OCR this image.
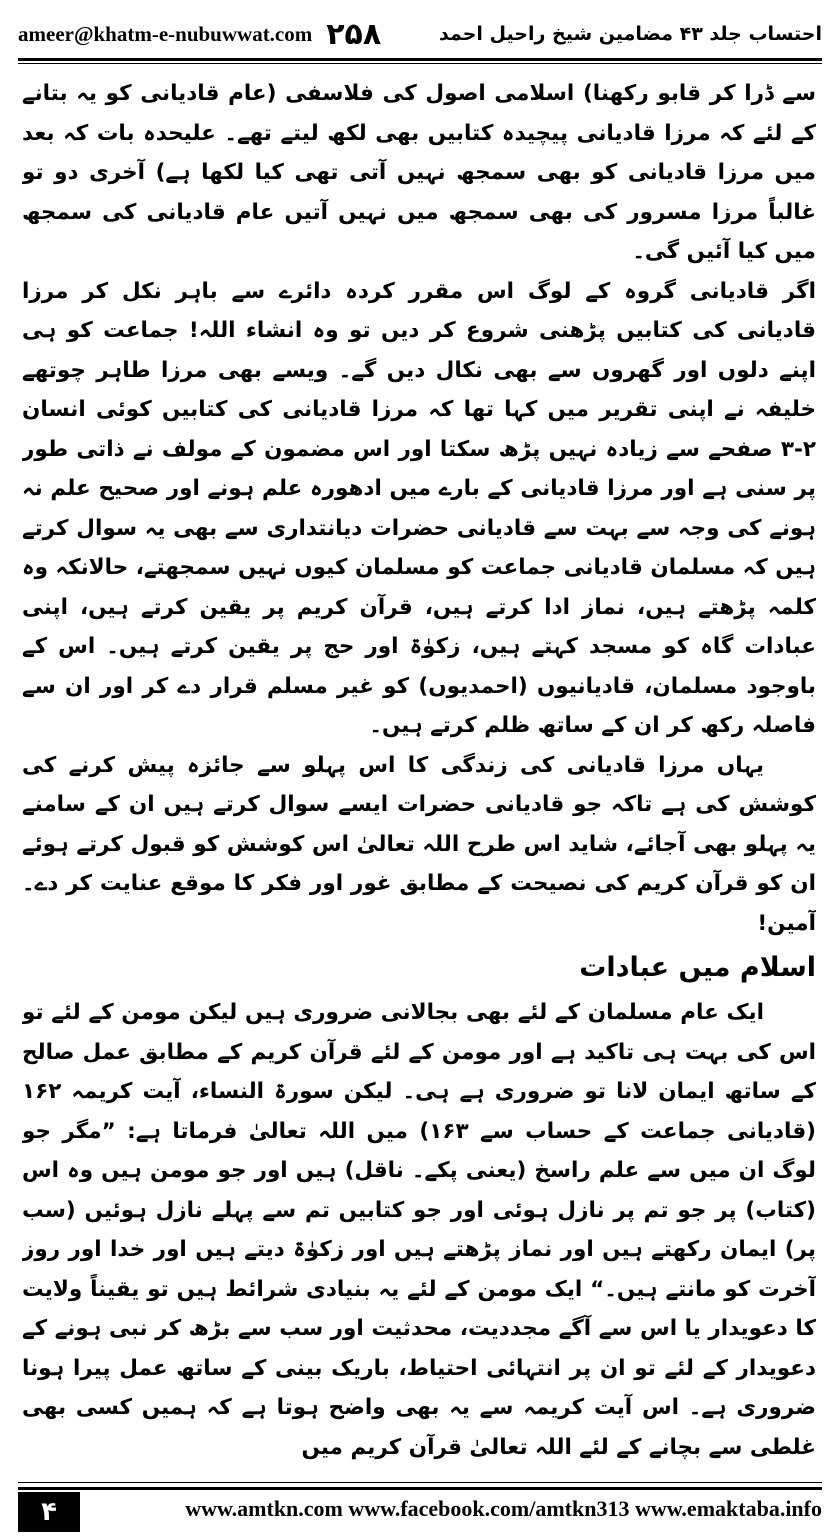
ameer@khatm-e-nubuwwat.com ۲۵۸	احتساب جلد ۴۳ مضامین شیخ راحیل احمد

سے ڈرا کر قابو رکھنا) اسلامی اصول کی فلاسفی (عام قادیانی کو یہ بتانے کے لئے کہ مرزا قادیانی پیچیدہ کتابیں بھی لکھ لیتے تھے۔ علیحدہ بات کہ بعد میں مرزا قادیانی کو بھی سمجھ نہیں آتی تھی کیا لکھا ہے) آخری دو تو غالباً مرزا مسرور کی بھی سمجھ میں نہیں آتیں عام قادیانی کی سمجھ میں کیا آئیں گی۔

اگر قادیانی گروہ کے لوگ اس مقرر کردہ دائرے سے باہر نکل کر مرزا قادیانی کی کتابیں پڑھنی شروع کر دیں تو وہ انشاء اللہ! جماعت کو ہی اپنے دلوں اور گھروں سے بھی نکال دیں گے۔ ویسے بھی مرزا طاہر چوتھے خلیفہ نے اپنی تقریر میں کہا تھا کہ مرزا قادیانی کی کتابیں کوئی انسان ۲-۳ صفحے سے زیادہ نہیں پڑھ سکتا اور اس مضمون کے مولف نے ذاتی طور پر سنی ہے اور مرزا قادیانی کے بارے میں ادھورہ علم ہونے اور صحیح علم نہ ہونے کی وجہ سے بہت سے قادیانی حضرات دیانتداری سے بھی یہ سوال کرتے ہیں کہ مسلمان قادیانی جماعت کو مسلمان کیوں نہیں سمجھتے، حالانکہ وہ کلمہ پڑھتے ہیں، نماز ادا کرتے ہیں، قرآن کریم پر یقین کرتے ہیں، اپنی عبادات گاہ کو مسجد کہتے ہیں، زکوٰۃ اور حج پر یقین کرتے ہیں۔ اس کے باوجود مسلمان، قادیانیوں (احمدیوں) کو غیر مسلم قرار دے کر اور ان سے فاصلہ رکھ کر ان کے ساتھ ظلم کرتے ہیں۔

یہاں مرزا قادیانی کی زندگی کا اس پہلو سے جائزہ پیش کرنے کی کوشش کی ہے تاکہ جو قادیانی حضرات ایسے سوال کرتے ہیں ان کے سامنے یہ پہلو بھی آجائے، شاید اس طرح اللہ تعالیٰ اس کوشش کو قبول کرتے ہوئے ان کو قرآن کریم کی نصیحت کے مطابق غور اور فکر کا موقع عنایت کر دے۔ آمین!

اسلام میں عبادات

ایک عام مسلمان کے لئے بھی بجالانی ضروری ہیں لیکن مومن کے لئے تو اس کی بہت ہی تاکید ہے اور مومن کے لئے قرآن کریم کے مطابق عمل صالح کے ساتھ ایمان لانا تو ضروری ہے ہی۔ لیکن سورۃ النساء، آیت کریمہ ۱۶۲ (قادیانی جماعت کے حساب سے ۱۶۳) میں اللہ تعالیٰ فرماتا ہے: ”مگر جو لوگ ان میں سے علم راسخ (یعنی پکے۔ ناقل) ہیں اور جو مومن ہیں وہ اس (کتاب) پر جو تم پر نازل ہوئی اور جو کتابیں تم سے پہلے نازل ہوئیں (سب پر) ایمان رکھتے ہیں اور نماز پڑھتے ہیں اور زکوٰۃ دیتے ہیں اور خدا اور روز آخرت کو مانتے ہیں۔“ ایک مومن کے لئے یہ بنیادی شرائط ہیں تو یقیناً ولایت کا دعویدار یا اس سے آگے مجددیت، محدثیت اور سب سے بڑھ کر نبی ہونے کے دعویدار کے لئے تو ان پر انتہائی احتیاط، باریک بینی کے ساتھ عمل پیرا ہونا ضروری ہے۔ اس آیت کریمہ سے یہ بھی واضح ہوتا ہے کہ ہمیں کسی بھی غلطی سے بچانے کے لئے اللہ تعالیٰ قرآن کریم میں

۴	www.amtkn.com www.facebook.com/amtkn313 www.emaktaba.info
